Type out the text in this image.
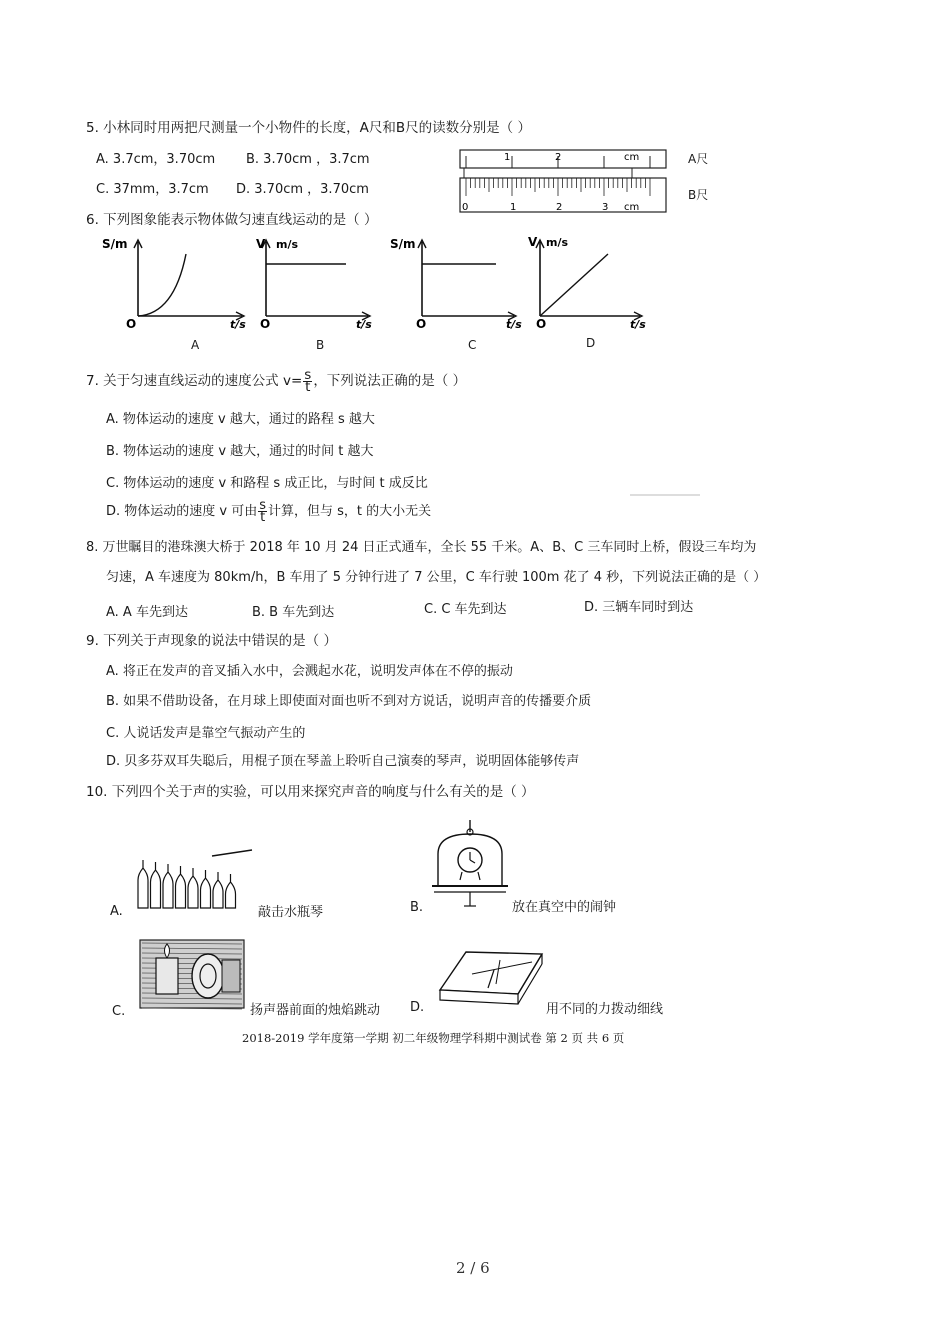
5. 小林同时用两把尺测量一个小物件的长度，A尺和B尺的读数分别是（ ）
A. 3.7cm，3.70cm B. 3.70cm ，3.7cm
C. 37mm，3.7cm D. 3.70cm ，3.70cm
1	2	cm
0	1	2	3 cm
A尺
B尺
6. 下列图象能表示物体做匀速直线运动的是（ ）
S/m
O	t/s
A
V m/s
O	t/s
B
S/m
O	t/s
C
V m/s
O	t/s
D
7. 关于匀速直线运动的速度公式 $v= \frac{s}{t}$ ，下列说法正确的是（ ）
A. 物体运动的速度 v 越大，通过的路程 s 越大
B. 物体运动的速度 v 越大，通过的时间 t 越大
C. 物体运动的速度 v 和路程 s 成正比，与时间 t 成反比
D. 物体运动的速度 v 可由 $\frac{s}{t}$ 计算，但与 s，t 的大小无关
8. 万世瞩目的港珠澳大桥于 2018 年 10 月 24 日正式通车，全长 55 千米。A、B、C 三车同时上桥，假设三车均为
匀速，A 车速度为 80km/h，B 车用了 5 分钟行进了 7 公里，C 车行驶 100m 花了 4 秒，下列说法正确的是（ ）
A. A 车先到达	B. B 车先到达	C. C 车先到达	D. 三辆车同时到达
9. 下列关于声现象的说法中错误的是（ ）
A. 将正在发声的音叉插入水中，会溅起水花，说明发声体在不停的振动
B. 如果不借助设备，在月球上即使面对面也听不到对方说话，说明声音的传播要介质
C. 人说话发声是靠空气振动产生的
D. 贝多芬双耳失聪后，用棍子顶在琴盖上聆听自己演奏的琴声，说明固体能够传声
10. 下列四个关于声的实验，可以用来探究声音的响度与什么有关的是（ ）
A.	敲击水瓶琴	B.	放在真空中的闹钟
C.	扬声器前面的烛焰跳动 D.	用不同的力拨动细线
2018-2019 学年度第一学期 初二年级物理学科期中测试卷 第 2 页 共 6 页
2 / 6
